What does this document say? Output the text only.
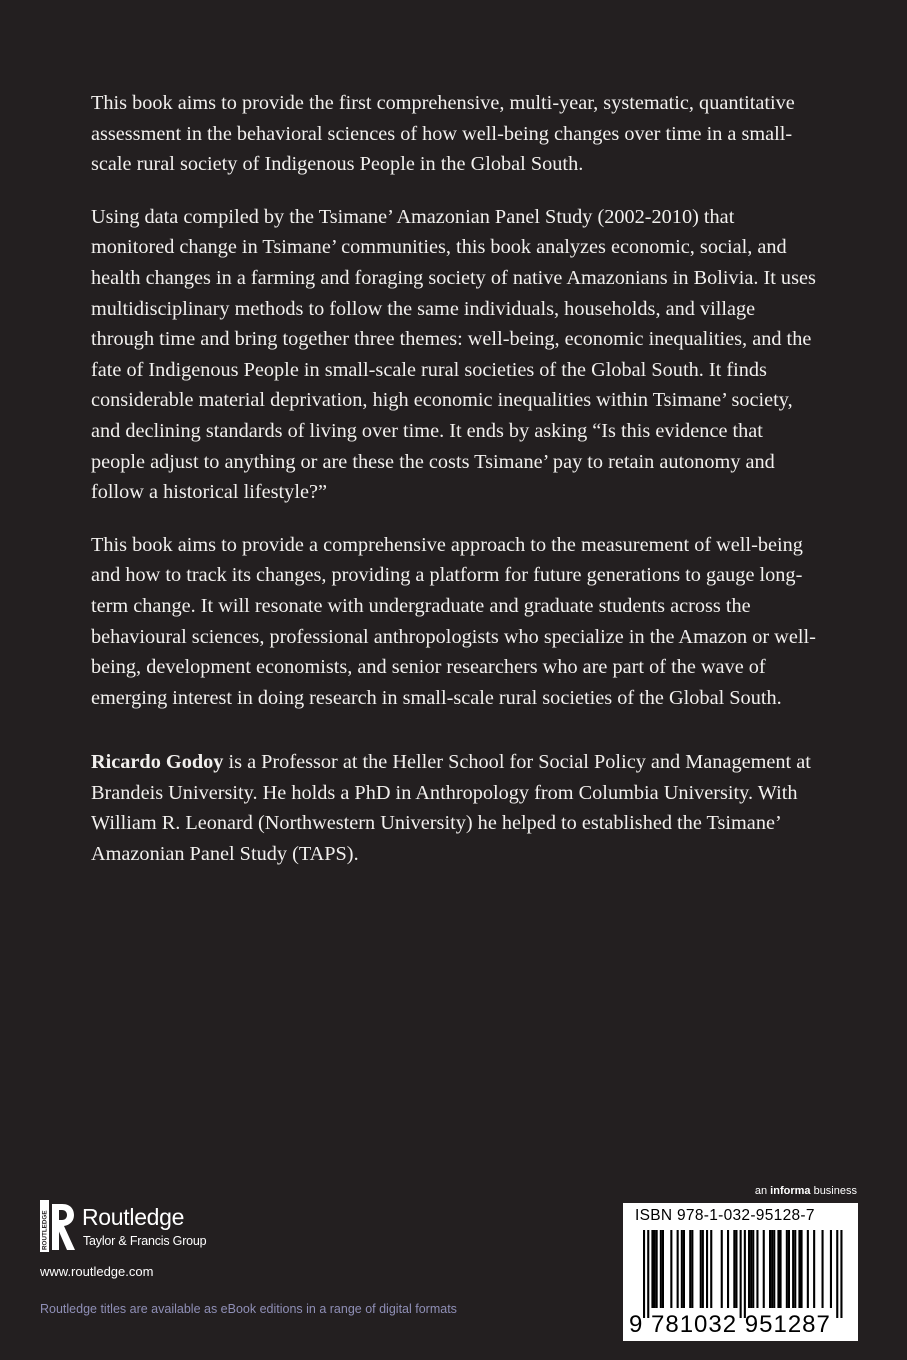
This book aims to provide the first comprehensive, multi-year, systematic, quantitative assessment in the behavioral sciences of how well-being changes over time in a small-scale rural society of Indigenous People in the Global South.

Using data compiled by the Tsimane’ Amazonian Panel Study (2002-2010) that monitored change in Tsimane’ communities, this book analyzes economic, social, and health changes in a farming and foraging society of native Amazonians in Bolivia. It uses multidisciplinary methods to follow the same individuals, households, and village through time and bring together three themes: well-being, economic inequalities, and the fate of Indigenous People in small-scale rural societies of the Global South. It finds considerable material deprivation, high economic inequalities within Tsimane’ society, and declining standards of living over time. It ends by asking “Is this evidence that people adjust to anything or are these the costs Tsimane’ pay to retain autonomy and follow a historical lifestyle?”

This book aims to provide a comprehensive approach to the measurement of well-being and how to track its changes, providing a platform for future generations to gauge long-term change. It will resonate with undergraduate and graduate students across the behavioural sciences, professional anthropologists who specialize in the Amazon or well-being, development economists, and senior researchers who are part of the wave of emerging interest in doing research in small-scale rural societies of the Global South.

Ricardo Godoy is a Professor at the Heller School for Social Policy and Management at Brandeis University. He holds a PhD in Anthropology from Columbia University. With William R. Leonard (Northwestern University) he helped to established the Tsimane’ Amazonian Panel Study (TAPS).

ROUTLEDGE Routledge
Taylor & Francis Group
www.routledge.com
Routledge titles are available as eBook editions in a range of digital formats
an informa business
ISBN 978-1-032-95128-7
9 781032 951287
